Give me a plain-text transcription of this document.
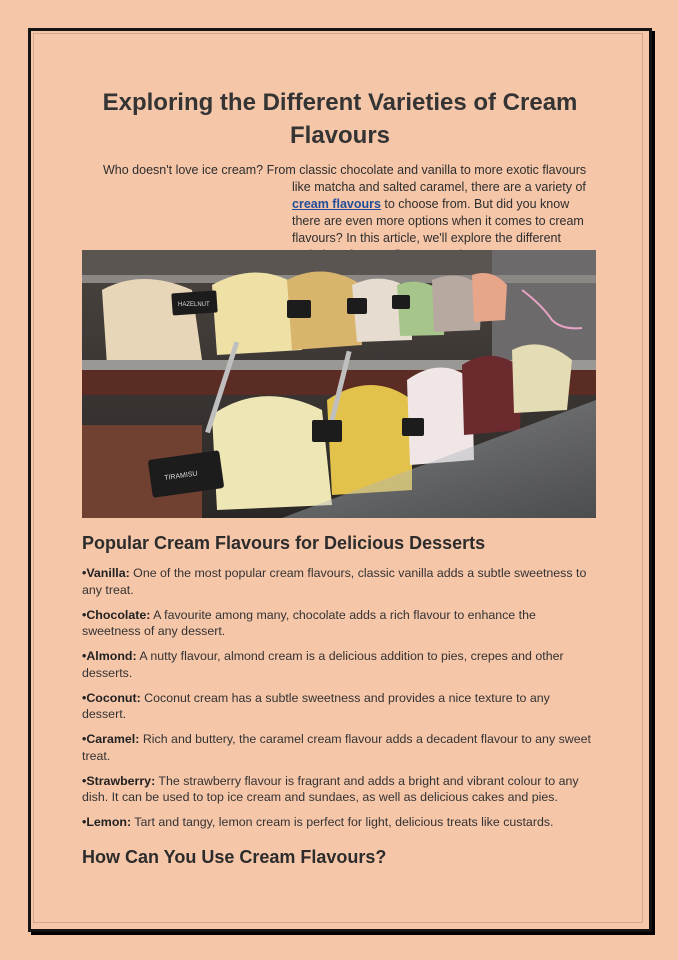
Exploring the Different Varieties of Cream Flavours
Who doesn't love ice cream? From classic chocolate and vanilla to more exotic flavours
like matcha and salted caramel, there are a variety of cream flavours to choose from. But did you know there are even more options when it comes to cream flavours? In this article, we'll explore the different
HAZELNUT
TIRAMISU
Popular Cream Flavours for Delicious Desserts
•Vanilla: One of the most popular cream flavours, classic vanilla adds a subtle sweetness to any treat.
•Chocolate: A favourite among many, chocolate adds a rich flavour to enhance the sweetness of any dessert.
•Almond: A nutty flavour, almond cream is a delicious addition to pies, crepes and other desserts.
•Coconut: Coconut cream has a subtle sweetness and provides a nice texture to any dessert.
•Caramel: Rich and buttery, the caramel cream flavour adds a decadent flavour to any sweet treat.
•Strawberry: The strawberry flavour is fragrant and adds a bright and vibrant colour to any dish. It can be used to top ice cream and sundaes, as well as delicious cakes and pies.
•Lemon: Tart and tangy, lemon cream is perfect for light, delicious treats like custards.
How Can You Use Cream Flavours?
